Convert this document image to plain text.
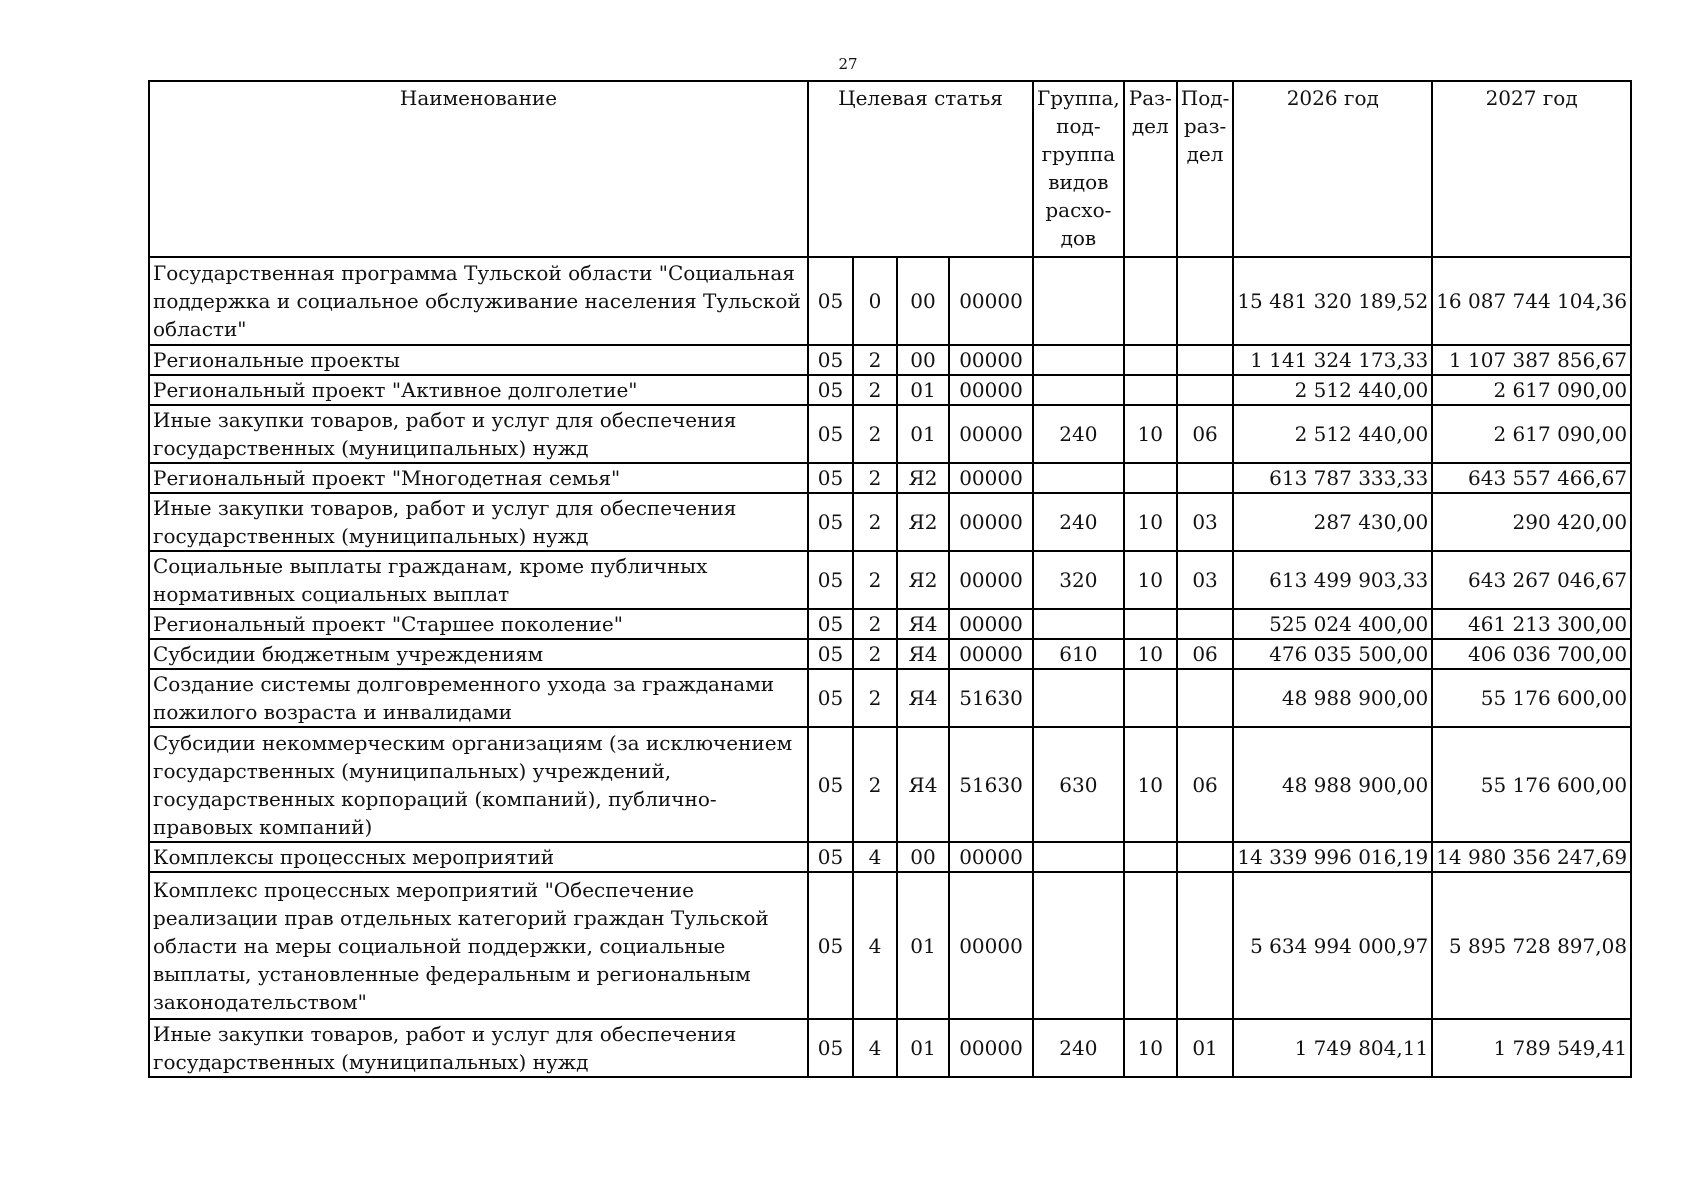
27
Наименование	Целевая статья				Группа, под- группа видов расхо- дов	Раз- дел	Под- раз- дел	2026 год	2027 год
Государственная программа Тульской области "Социальная поддержка и социальное обслуживание населения Тульской области"	05	0	00	00000				15 481 320 189,52	16 087 744 104,36
Региональные проекты	05	2	00	00000				1 141 324 173,33	1 107 387 856,67
Региональный проект "Активное долголетие"	05	2	01	00000				2 512 440,00	2 617 090,00
Иные закупки товаров, работ и услуг для обеспечения государственных (муниципальных) нужд	05	2	01	00000	240	10	06	2 512 440,00	2 617 090,00
Региональный проект "Многодетная семья"	05	2	Я2	00000				613 787 333,33	643 557 466,67
Иные закупки товаров, работ и услуг для обеспечения государственных (муниципальных) нужд	05	2	Я2	00000	240	10	03	287 430,00	290 420,00
Социальные выплаты гражданам, кроме публичных нормативных социальных выплат	05	2	Я2	00000	320	10	03	613 499 903,33	643 267 046,67
Региональный проект "Старшее поколение"	05	2	Я4	00000				525 024 400,00	461 213 300,00
Субсидии бюджетным учреждениям	05	2	Я4	00000	610	10	06	476 035 500,00	406 036 700,00
Создание системы долговременного ухода за гражданами пожилого возраста и инвалидами	05	2	Я4	51630				48 988 900,00	55 176 600,00
Субсидии некоммерческим организациям (за исключением государственных (муниципальных) учреждений, государственных корпораций (компаний), публично-правовых компаний)	05	2	Я4	51630	630	10	06	48 988 900,00	55 176 600,00
Комплексы процессных мероприятий	05	4	00	00000				14 339 996 016,19	14 980 356 247,69
Комплекс процессных мероприятий "Обеспечение реализации прав отдельных категорий граждан Тульской области на меры социальной поддержки, социальные выплаты, установленные федеральным и региональным законодательством"	05	4	01	00000				5 634 994 000,97	5 895 728 897,08
Иные закупки товаров, работ и услуг для обеспечения государственных (муниципальных) нужд	05	4	01	00000	240	10	01	1 749 804,11	1 789 549,41
